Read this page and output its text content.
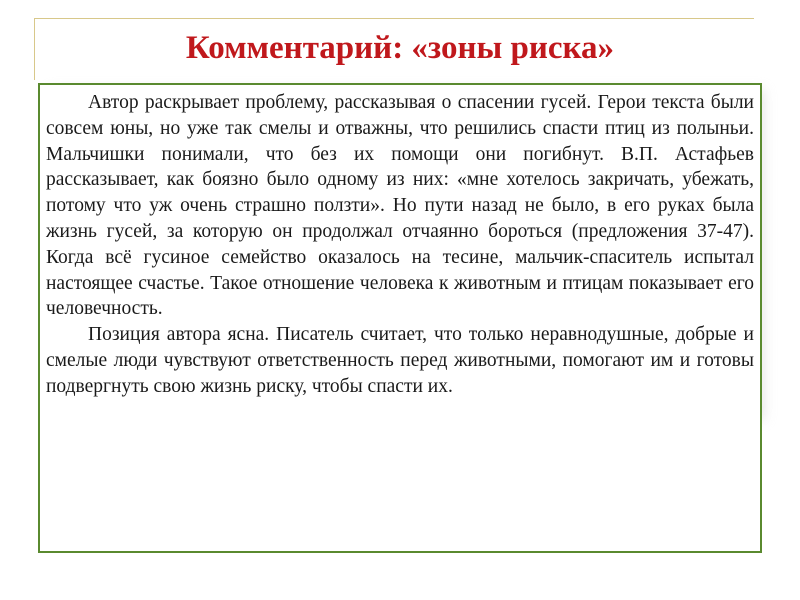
Комментарий: «зоны риска»

Автор раскрывает проблему, рассказывая о спасении гусей. Герои текста были совсем юны, но уже так смелы и отважны, что решились спасти птиц из полыньи. Мальчишки понимали, что без их помощи они погибнут. В.П. Астафьев рассказывает, как боязно было одному из них: «мне хотелось закричать, убежать, потому что уж очень страшно ползти». Но пути назад не было, в его руках была жизнь гусей, за которую он продолжал отчаянно бороться (предложения 37-47). Когда всё гусиное семейство оказалось на тесине, мальчик-спаситель испытал настоящее счастье. Такое отношение человека к животным и птицам показывает его человечность.

Позиция автора ясна. Писатель считает, что только неравнодушные, добрые и смелые люди чувствуют ответственность перед животными, помогают им и готовы подвергнуть свою жизнь риску, чтобы спасти их.
